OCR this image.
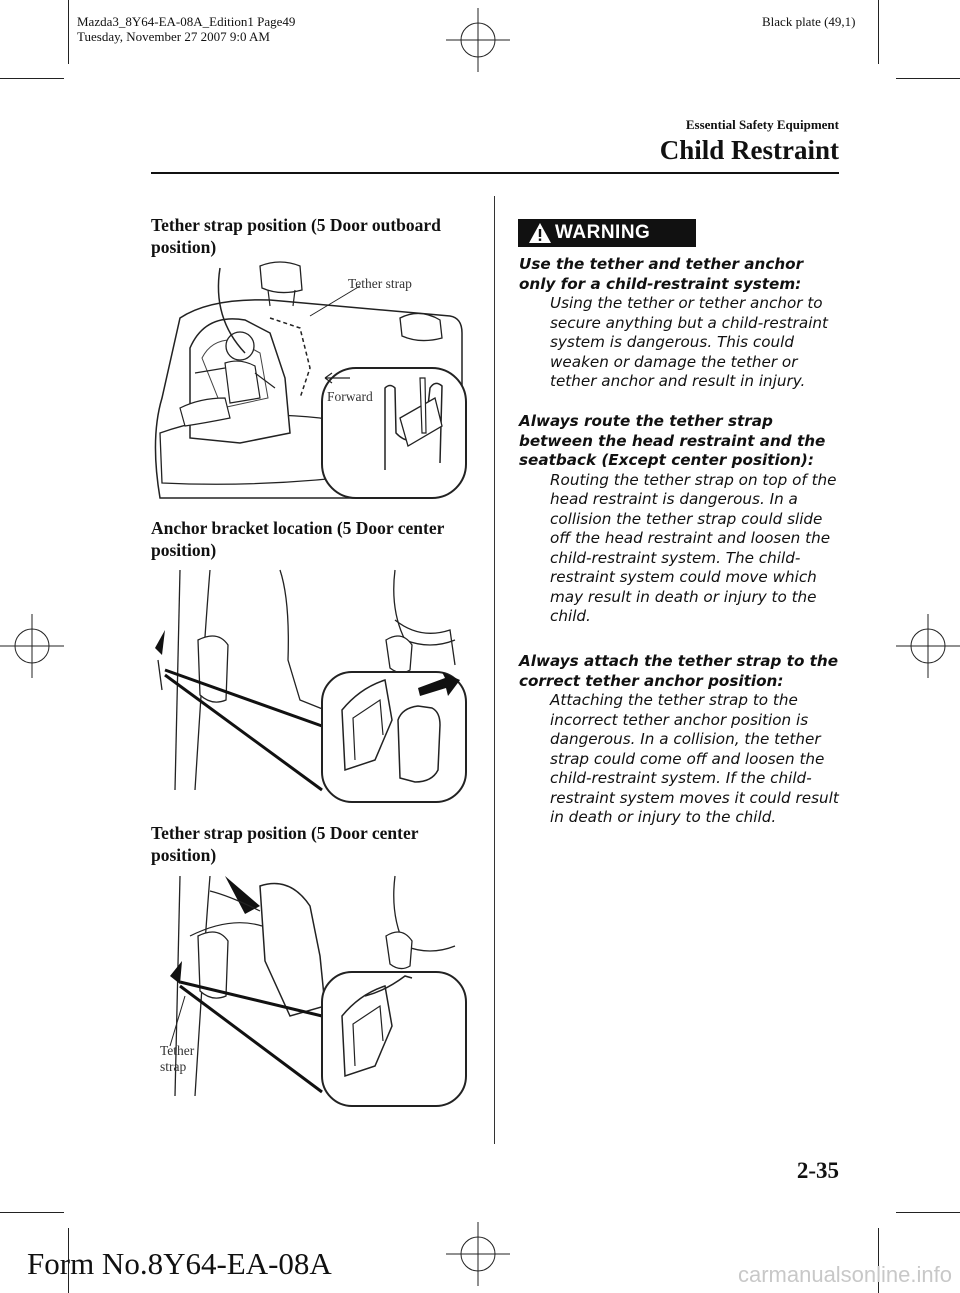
Mazda3_8Y64-EA-08A_Edition1 Page49
Tuesday, November 27 2007 9:0 AM
Black plate (49,1)
Essential Safety Equipment
Child Restraint
Tether strap position (5 Door outboard position)
Tether strap
Forward
Anchor bracket location (5 Door center position)
Tether strap position (5 Door center position)
Tether
strap
WARNING
Use the tether and tether anchor only for a child-restraint system:
Using the tether or tether anchor to secure anything but a child-restraint system is dangerous. This could weaken or damage the tether or tether anchor and result in injury.
Always route the tether strap between the head restraint and the seatback (Except center position):
Routing the tether strap on top of the head restraint is dangerous. In a collision the tether strap could slide off the head restraint and loosen the child-restraint system. The child-restraint system could move which may result in death or injury to the child.
Always attach the tether strap to the correct tether anchor position:
Attaching the tether strap to the incorrect tether anchor position is dangerous. In a collision, the tether strap could come off and loosen the child-restraint system. If the child-restraint system moves it could result in death or injury to the child.
2-35
Form No.8Y64-EA-08A	carmanualsonline.info
